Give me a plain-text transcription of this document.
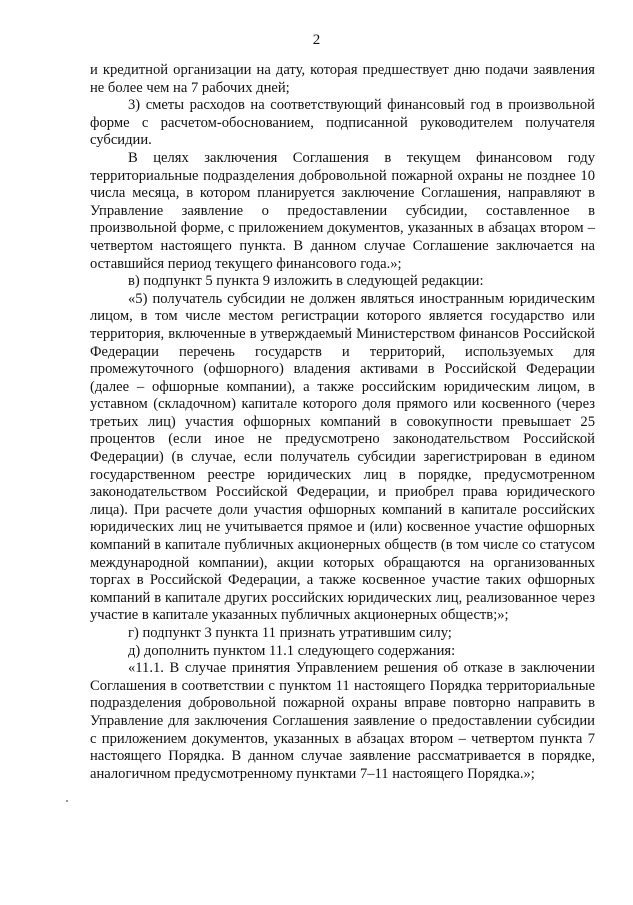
2

и кредитной организации на дату, которая предшествует дню подачи заявления не более чем на 7 рабочих дней;

3) сметы расходов на соответствующий финансовый год в произвольной форме с расчетом-обоснованием, подписанной руководителем получателя субсидии.

В целях заключения Соглашения в текущем финансовом году территориальные подразделения добровольной пожарной охраны не позднее 10 числа месяца, в котором планируется заключение Соглашения, направляют в Управление заявление о предоставлении субсидии, составленное в произвольной форме, с приложением документов, указанных в абзацах втором – четвертом настоящего пункта. В данном случае Соглашение заключается на оставшийся период текущего финансового года.»;

в) подпункт 5 пункта 9 изложить в следующей редакции:

«5) получатель субсидии не должен являться иностранным юридическим лицом, в том числе местом регистрации которого является государство или территория, включенные в утверждаемый Министерством финансов Российской Федерации перечень государств и территорий, используемых для промежуточного (офшорного) владения активами в Российской Федерации (далее – офшорные компании), а также российским юридическим лицом, в уставном (складочном) капитале которого доля прямого или косвенного (через третьих лиц) участия офшорных компаний в совокупности превышает 25 процентов (если иное не предусмотрено законодательством Российской Федерации) (в случае, если получатель субсидии зарегистрирован в едином государственном реестре юридических лиц в порядке, предусмотренном законодательством Российской Федерации, и приобрел права юридического лица). При расчете доли участия офшорных компаний в капитале российских юридических лиц не учитывается прямое и (или) косвенное участие офшорных компаний в капитале публичных акционерных обществ (в том числе со статусом международной компании), акции которых обращаются на организованных торгах в Российской Федерации, а также косвенное участие таких офшорных компаний в капитале других российских юридических лиц, реализованное через участие в капитале указанных публичных акционерных обществ;»;

г) подпункт 3 пункта 11 признать утратившим силу;

д) дополнить пунктом 11.1 следующего содержания:

«11.1. В случае принятия Управлением решения об отказе в заключении Соглашения в соответствии с пунктом 11 настоящего Порядка территориальные подразделения добровольной пожарной охраны вправе повторно направить в Управление для заключения Соглашения заявление о предоставлении субсидии с приложением документов, указанных в абзацах втором – четвертом пункта 7 настоящего Порядка. В данном случае заявление рассматривается в порядке, аналогичном предусмотренному пунктами 7–11 настоящего Порядка.»;
